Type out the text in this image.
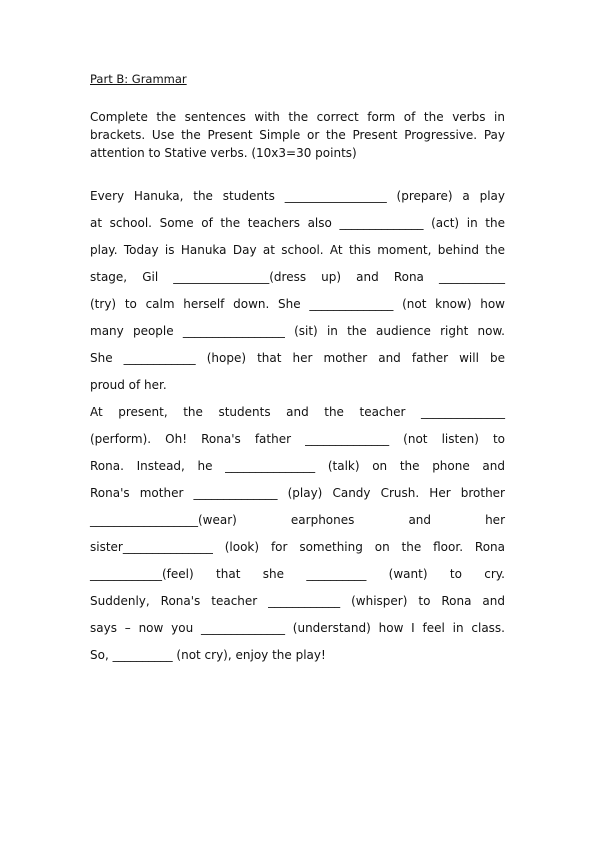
Part B: Grammar
Complete the sentences with the correct form of the verbs in
brackets. Use the Present Simple or the Present Progressive. Pay
attention to Stative verbs. (10x3=30 points)
Every Hanuka, the students _________________ (prepare) a play
at school. Some of the teachers also ______________ (act) in the
play. Today is Hanuka Day at school. At this moment, behind the
stage, Gil ________________(dress up) and Rona ___________
(try) to calm herself down. She ______________ (not know) how
many people _________________ (sit) in the audience right now.
She ____________ (hope) that her mother and father will be
proud of her.
At present, the students and the teacher ______________
(perform). Oh! Rona's father ______________ (not listen) to
Rona. Instead, he _______________ (talk) on the phone and
Rona's mother ______________ (play) Candy Crush. Her brother
__________________(wear) earphones and her
sister_______________ (look) for something on the floor. Rona
____________(feel) that she __________ (want) to cry.
Suddenly, Rona's teacher ____________ (whisper) to Rona and
says – now you ______________ (understand) how I feel in class.
So, __________ (not cry), enjoy the play!
